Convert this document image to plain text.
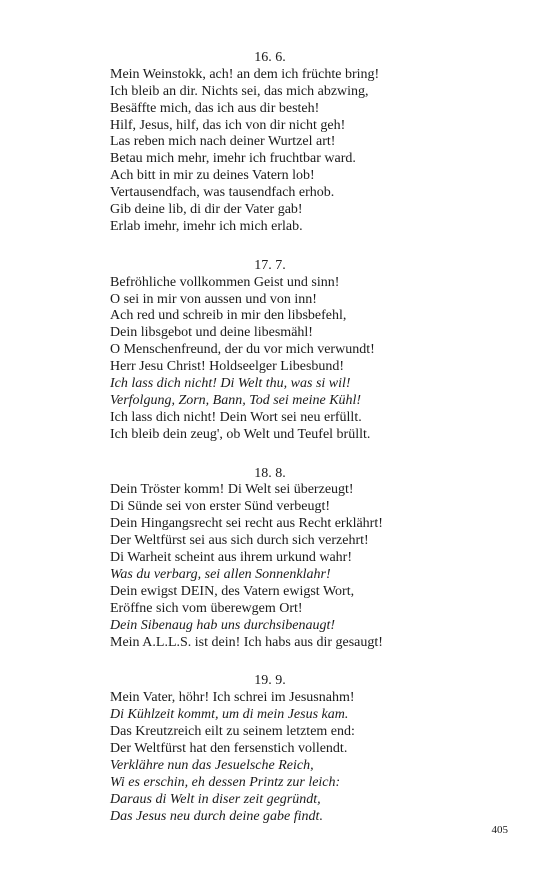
16. 6.
Mein Weinstokk, ach! an dem ich früchte bring!
Ich bleib an dir. Nichts sei, das mich abzwing,
Besäffte mich, das ich aus dir besteh!
Hilf, Jesus, hilf, das ich von dir nicht geh!
Las reben mich nach deiner Wurtzel art!
Betau mich mehr, imehr ich fruchtbar ward.
Ach bitt in mir zu deines Vatern lob!
Vertausendfach, was tausendfach erhob.
Gib deine lib, di dir der Vater gab!
Erlab imehr, imehr ich mich erlab.
17. 7.
Befröhliche vollkommen Geist und sinn!
O sei in mir von aussen und von inn!
Ach red und schreib in mir den libsbefehl,
Dein libsgebot und deine libesmähl!
O Menschenfreund, der du vor mich verwundt!
Herr Jesu Christ! Holdseelger Libesbund!
Ich lass dich nicht! Di Welt thu, was si wil!
Verfolgung, Zorn, Bann, Tod sei meine Kühl!
Ich lass dich nicht! Dein Wort sei neu erfüllt.
Ich bleib dein zeug', ob Welt und Teufel brüllt.
18. 8.
Dein Tröster komm! Di Welt sei überzeugt!
Di Sünde sei von erster Sünd verbeugt!
Dein Hingangsrecht sei recht aus Recht erklährt!
Der Weltfürst sei aus sich durch sich verzehrt!
Di Warheit scheint aus ihrem urkund wahr!
Was du verbarg, sei allen Sonnenklahr!
Dein ewigst DEIN, des Vatern ewigst Wort,
Eröffne sich vom überewgem Ort!
Dein Sibenaug hab uns durchsibenaugt!
Mein A.L.L.S. ist dein! Ich habs aus dir gesaugt!
19. 9.
Mein Vater, höhr! Ich schrei im Jesusnahm!
Di Kühlzeit kommt, um di mein Jesus kam.
Das Kreutzreich eilt zu seinem letztem end:
Der Weltfürst hat den fersenstich vollendt.
Verklähre nun das Jesuelsche Reich,
Wi es erschin, eh dessen Printz zur leich:
Daraus di Welt in diser zeit gegründt,
Das Jesus neu durch deine gabe findt.
405
